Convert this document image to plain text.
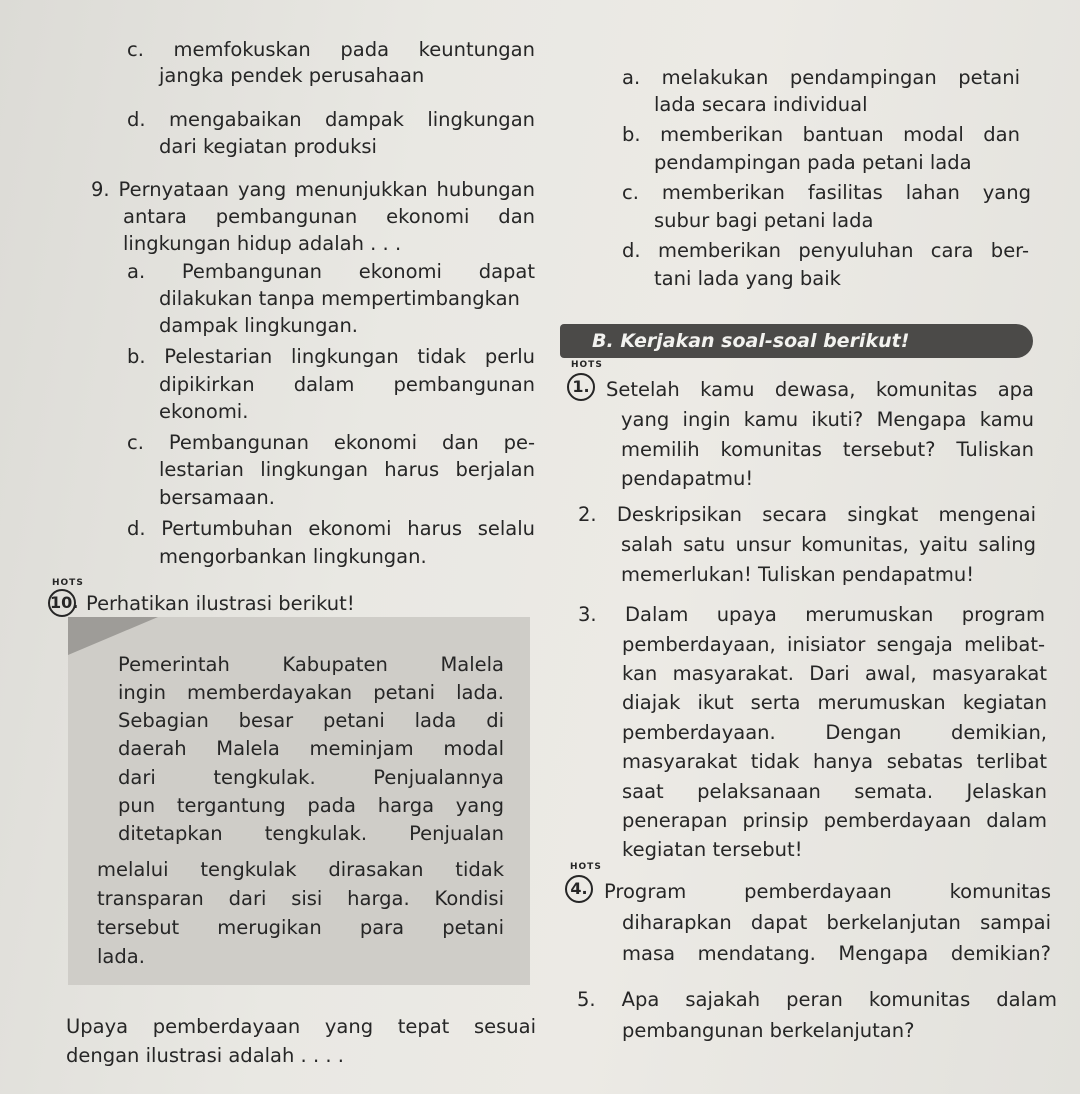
c. memfokuskan pada keuntungan
jangka pendek perusahaan
d. mengabaikan dampak lingkungan
dari kegiatan produksi
9. Pernyataan yang menunjukkan hubungan
antara pembangunan ekonomi dan
lingkungan hidup adalah . . .
a. Pembangunan ekonomi dapat
dilakukan tanpa mempertimbangkan
dampak lingkungan.
b. Pelestarian lingkungan tidak perlu
dipikirkan dalam pembangunan
ekonomi.
c. Pembangunan ekonomi dan pe-
lestarian lingkungan harus berjalan
bersamaan.
d. Pertumbuhan ekonomi harus selalu
mengorbankan lingkungan.
HOTS
10. Perhatikan ilustrasi berikut!
Pemerintah Kabupaten Malela
ingin memberdayakan petani lada.
Sebagian besar petani lada di
daerah Malela meminjam modal
dari tengkulak. Penjualannya
pun tergantung pada harga yang
ditetapkan tengkulak. Penjualan
melalui tengkulak dirasakan tidak
transparan dari sisi harga. Kondisi
tersebut merugikan para petani
lada.
Upaya pemberdayaan yang tepat sesuai
dengan ilustrasi adalah . . . .
a. melakukan pendampingan petani
lada secara individual
b. memberikan bantuan modal dan
pendampingan pada petani lada
c. memberikan fasilitas lahan yang
subur bagi petani lada
d. memberikan penyuluhan cara ber-
tani lada yang baik
B. Kerjakan soal-soal berikut!
HOTS
1. Setelah kamu dewasa, komunitas apa
yang ingin kamu ikuti? Mengapa kamu
memilih komunitas tersebut? Tuliskan
pendapatmu!
2. Deskripsikan secara singkat mengenai
salah satu unsur komunitas, yaitu saling
memerlukan! Tuliskan pendapatmu!
3. Dalam upaya merumuskan program
pemberdayaan, inisiator sengaja melibat-
kan masyarakat. Dari awal, masyarakat
diajak ikut serta merumuskan kegiatan
pemberdayaan. Dengan demikian,
masyarakat tidak hanya sebatas terlibat
saat pelaksanaan semata. Jelaskan
penerapan prinsip pemberdayaan dalam
kegiatan tersebut!
HOTS
4. Program pemberdayaan komunitas
diharapkan dapat berkelanjutan sampai
masa mendatang. Mengapa demikian?
5. Apa sajakah peran komunitas dalam
pembangunan berkelanjutan?
